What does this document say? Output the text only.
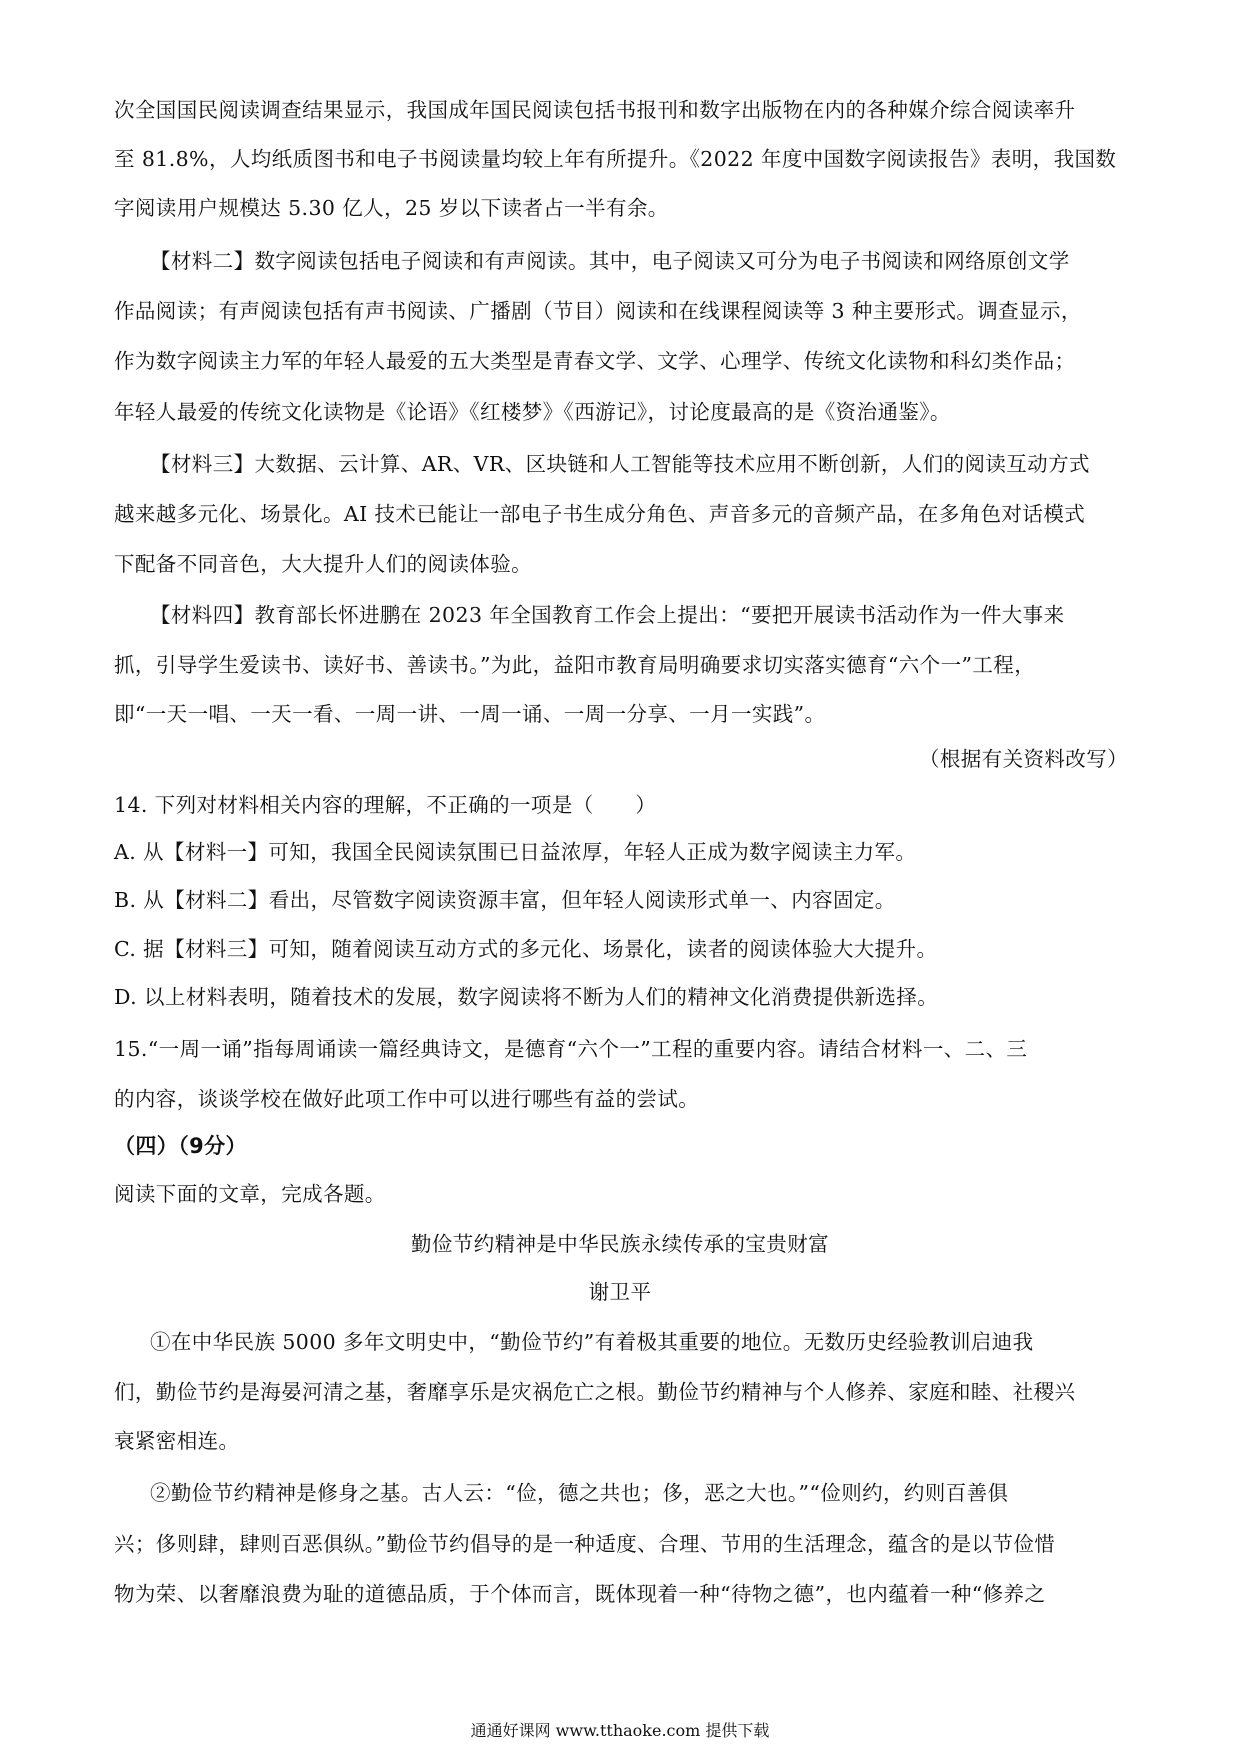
次全国国民阅读调查结果显示，我国成年国民阅读包括书报刊和数字出版物在内的各种媒介综合阅读率升
至 81.8%，人均纸质图书和电子书阅读量均较上年有所提升。《2022 年度中国数字阅读报告》表明，我国数
字阅读用户规模达 5.30 亿人，25 岁以下读者占一半有余。
【材料二】数字阅读包括电子阅读和有声阅读。其中，电子阅读又可分为电子书阅读和网络原创文学
作品阅读；有声阅读包括有声书阅读、广播剧（节目）阅读和在线课程阅读等 3 种主要形式。调查显示，
作为数字阅读主力军的年轻人最爱的五大类型是青春文学、文学、心理学、传统文化读物和科幻类作品；
年轻人最爱的传统文化读物是《论语》《红楼梦》《西游记》，讨论度最高的是《资治通鉴》。
【材料三】大数据、云计算、AR、VR、区块链和人工智能等技术应用不断创新，人们的阅读互动方式
越来越多元化、场景化。AI 技术已能让一部电子书生成分角色、声音多元的音频产品，在多角色对话模式
下配备不同音色，大大提升人们的阅读体验。
【材料四】教育部长怀进鹏在 2023 年全国教育工作会上提出：“要把开展读书活动作为一件大事来
抓，引导学生爱读书、读好书、善读书。”为此，益阳市教育局明确要求切实落实德育“六个一”工程，
即“一天一唱、一天一看、一周一讲、一周一诵、一周一分享、一月一实践”。
（根据有关资料改写）
14. 下列对材料相关内容的理解，不正确的一项是（　　）
A. 从【材料一】可知，我国全民阅读氛围已日益浓厚，年轻人正成为数字阅读主力军。
B. 从【材料二】看出，尽管数字阅读资源丰富，但年轻人阅读形式单一、内容固定。
C. 据【材料三】可知，随着阅读互动方式的多元化、场景化，读者的阅读体验大大提升。
D. 以上材料表明，随着技术的发展，数字阅读将不断为人们的精神文化消费提供新选择。
15.“一周一诵”指每周诵读一篇经典诗文，是德育“六个一”工程的重要内容。请结合材料一、二、三
的内容，谈谈学校在做好此项工作中可以进行哪些有益的尝试。
（四）（9分）
阅读下面的文章，完成各题。
勤俭节约精神是中华民族永续传承的宝贵财富
谢卫平
①在中华民族 5000 多年文明史中，“勤俭节约”有着极其重要的地位。无数历史经验教训启迪我
们，勤俭节约是海晏河清之基，奢靡享乐是灾祸危亡之根。勤俭节约精神与个人修养、家庭和睦、社稷兴
衰紧密相连。
②勤俭节约精神是修身之基。古人云：“俭，德之共也；侈，恶之大也。”“俭则约，约则百善俱
兴；侈则肆，肆则百恶俱纵。”勤俭节约倡导的是一种适度、合理、节用的生活理念，蕴含的是以节俭惜
物为荣、以奢靡浪费为耻的道德品质，于个体而言，既体现着一种“待物之德”，也内蕴着一种“修养之
通通好课网 www.tthaoke.com 提供下载
